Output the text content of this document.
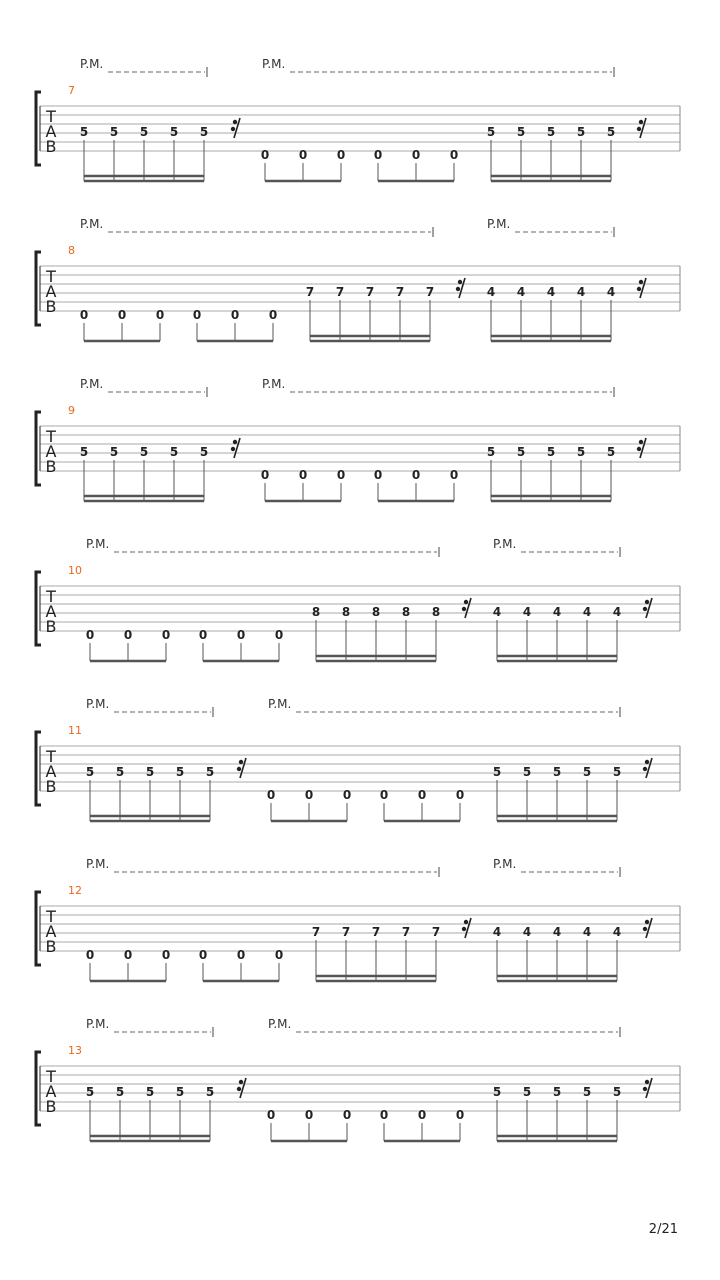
T
A
B
7
P.M.	P.M.
5 5 5 5 5
0 0 0 0 0 0
5 5 5 5 5
T
A
B
8
P.M.	P.M.
0 0 0 0 0 0
7 7 7 7 7	4 4 4 4 4
T
A
B
9
P.M.	P.M.
5 5 5 5 5
0 0 0 0 0 0
5 5 5 5 5
T
A
B
10
P.M.	P.M.
0 0 0 0 0 0
8 8 8 8 8	4 4 4 4 4
T
A
B
11
P.M.	P.M.
5 5 5 5 5
0 0 0 0 0 0
5 5 5 5 5
T
A
B
12
P.M.	P.M.
0 0 0 0 0 0
7 7 7 7 7	4 4 4 4 4
T
A
B
13
P.M.	P.M.
5 5 5 5 5
0 0 0 0 0 0
5 5 5 5 5
2/21
